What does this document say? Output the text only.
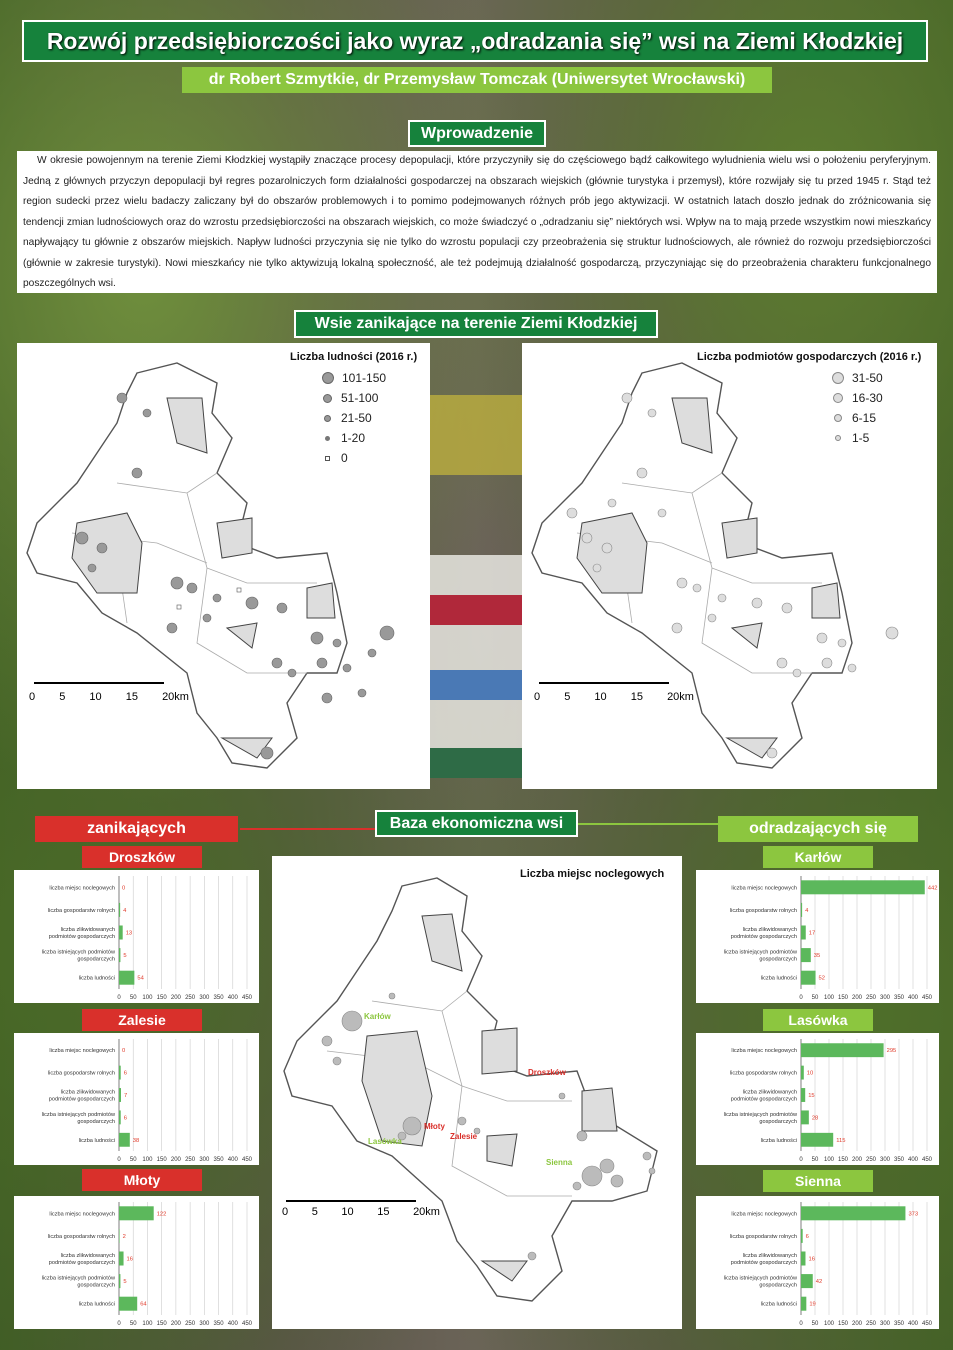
Rozwój przedsiębiorczości jako wyraz „odradzania się” wsi na Ziemi Kłodzkiej
dr Robert Szmytkie, dr Przemysław Tomczak (Uniwersytet Wrocławski)
Wprowadzenie
W okresie powojennym na terenie Ziemi Kłodzkiej wystąpiły znaczące procesy depopulacji, które przyczyniły się do częściowego bądź całkowitego wyludnienia wielu wsi o położeniu peryferyjnym. Jedną z głównych przyczyn depopulacji był regres pozarolniczych form działalności gospodarczej na obszarach wiejskich (głównie turystyka i przemysł), które rozwijały się tu przed 1945 r. Stąd też region sudecki przez wielu badaczy zaliczany był do obszarów problemowych i to pomimo podejmowanych różnych prób jego aktywizacji. W ostatnich latach doszło jednak do zróżnicowania się tendencji zmian ludnościowych oraz do wzrostu przedsiębiorczości na obszarach wiejskich, co może świadczyć o „odradzaniu się” niektórych wsi. Wpływ na to mają przede wszystkim nowi mieszkańcy napływający tu głównie z obszarów miejskich. Napływ ludności przyczynia się nie tylko do wzrostu populacji czy przeobrażenia się struktur ludnościowych, ale również do rozwoju przedsiębiorczości (głównie w zakresie turystyki). Nowi mieszkańcy nie tylko aktywizują lokalną społeczność, ale też podejmują działalność gospodarczą, przyczyniając się do przeobrażenia charakteru funkcjonalnego poszczególnych wsi.
Wsie zanikające na terenie Ziemi Kłodzkiej
Liczba ludności (2016 r.)
101-150
51-100
21-50
1-20
0
0 5 10 15 20km
Liczba podmiotów gospodarczych (2016 r.)
31-50
16-30
6-15
1-5
0 5 10 15 20km
zanikających	Baza ekonomiczna wsi	odradzających się
Droszków
Zalesie
Młoty
Karłów
Lasówka
Sienna
0 50 100 150 200 250 300 350 400 450
liczba miejsc noclegowych 0
liczba gospodarstw rolnych 4
liczba zlikwidowanych
podmiotów gospodarczych
13
liczba istniejących podmiotów
gospodarczych
5
liczba ludności	54
0 50 100 150 200 250 300 350 400 450
liczba miejsc noclegowych 0
liczba gospodarstw rolnych 6
liczba zlikwidowanych
podmiotów gospodarczych
7
liczba istniejących podmiotów
gospodarczych
6
liczba ludności	38
0 50 100 150 200 250 300 350 400 450
liczba miejsc noclegowych	122
liczba gospodarstw rolnych 2
liczba zlikwidowanych
podmiotów gospodarczych
16
liczba istniejących podmiotów
gospodarczych
5
liczba ludności	64
0 50 100 150 200 250 300 350 400 450
liczba miejsc noclegowych	442
liczba gospodarstw rolnych 4
liczba zlikwidowanych
podmiotów gospodarczych
17
liczba istniejących podmiotów
gospodarczych
35
liczba ludności	52
0 50 100 150 200 250 300 350 400 450
liczba miejsc noclegowych	295
liczba gospodarstw rolnych 10
liczba zlikwidowanych
podmiotów gospodarczych
15
liczba istniejących podmiotów
gospodarczych
28
liczba ludności	115
0 50 100 150 200 250 300 350 400 450
liczba miejsc noclegowych	373
liczba gospodarstw rolnych 6
liczba zlikwidowanych
podmiotów gospodarczych
16
liczba istniejących podmiotów
gospodarczych
42
liczba ludności 19
Liczba miejsc noclegowych
Karłów
Droszków
Młoty
Zalesie
Lasówka
Sienna
0 5 10 15 20km
